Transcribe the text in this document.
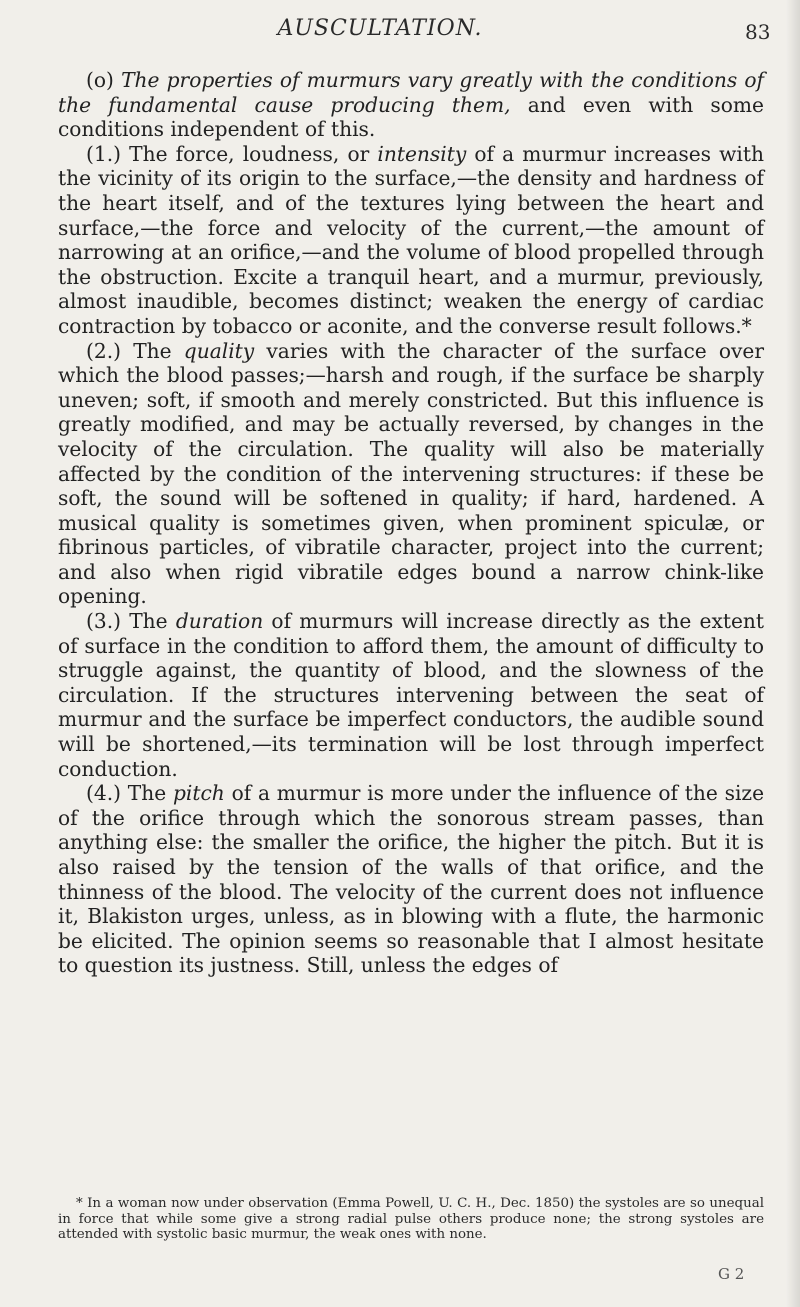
AUSCULTATION.	83

(o) The properties of murmurs vary greatly with the conditions of the fundamental cause producing them, and even with some conditions independent of this.

(1.) The force, loudness, or intensity of a murmur increases with the vicinity of its origin to the surface,—the density and hardness of the heart itself, and of the textures lying between the heart and surface,—the force and velocity of the current,—the amount of narrowing at an orifice,—and the volume of blood propelled through the obstruction. Excite a tranquil heart, and a murmur, previously, almost inaudible, becomes distinct; weaken the energy of cardiac contraction by tobacco or aconite, and the converse result follows.*

(2.) The quality varies with the character of the surface over which the blood passes;—harsh and rough, if the surface be sharply uneven; soft, if smooth and merely constricted. But this influence is greatly modified, and may be actually reversed, by changes in the velocity of the circulation. The quality will also be materially affected by the condition of the intervening structures: if these be soft, the sound will be softened in quality; if hard, hardened. A musical quality is sometimes given, when prominent spiculæ, or fibrinous particles, of vibratile character, project into the current; and also when rigid vibratile edges bound a narrow chink-like opening.

(3.) The duration of murmurs will increase directly as the extent of surface in the condition to afford them, the amount of difficulty to struggle against, the quantity of blood, and the slowness of the circulation. If the structures intervening between the seat of murmur and the surface be imperfect conductors, the audible sound will be shortened,—its termination will be lost through imperfect conduction.

(4.) The pitch of a murmur is more under the influence of the size of the orifice through which the sonorous stream passes, than anything else: the smaller the orifice, the higher the pitch. But it is also raised by the tension of the walls of that orifice, and the thinness of the blood. The velocity of the current does not influence it, Blakiston urges, unless, as in blowing with a flute, the harmonic be elicited. The opinion seems so reasonable that I almost hesitate to question its justness. Still, unless the edges of

* In a woman now under observation (Emma Powell, U. C. H., Dec. 1850) the systoles are so unequal in force that while some give a strong radial pulse others produce none; the strong systoles are attended with systolic basic murmur, the weak ones with none.

G 2
